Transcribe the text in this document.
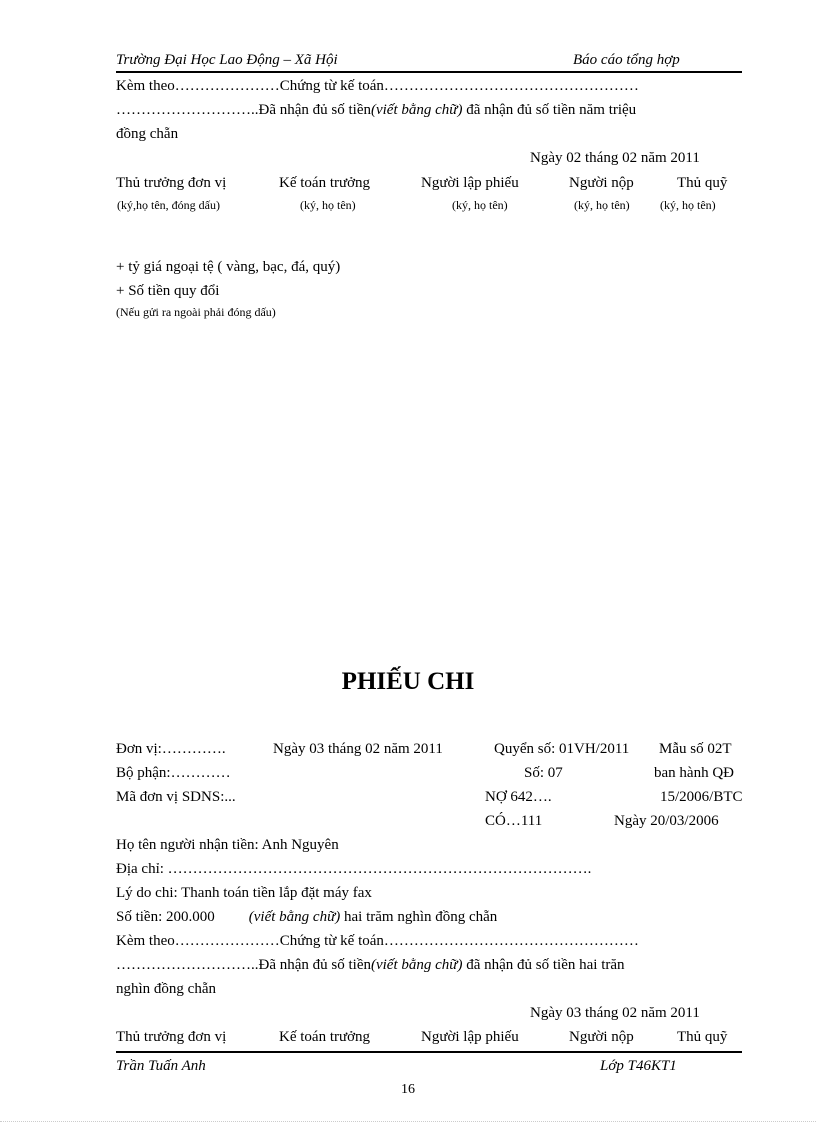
Trường Đại Học Lao Động – Xã Hội	Báo cáo tổng hợp
Kèm theo…………………Chứng từ kế toán……………………………………………
………………………..Đã nhận đủ số tiền(viết bằng chữ) đã nhận đủ số tiền năm triệu
đồng chẵn
Ngày 02 tháng 02 năm 2011
Thủ trưởng đơn vị	Kế toán trưởng	Người lập phiếu	Người nộp	Thủ quỹ
(ký,họ tên, đóng dấu)	(ký, họ tên)	(ký, họ tên)	(ký, họ tên)	(ký, họ tên)
+ tỷ giá ngoại tệ ( vàng, bạc, đá, quý)
+ Số tiền quy đổi
(Nếu gửi ra ngoài phải đóng dấu)
PHIẾU CHI
Đơn vị:………….	Ngày 03 tháng 02 năm 2011	Quyển số: 01VH/2011 Mẫu số 02T
Bộ phận:…………	Số: 07	ban hành QĐ
Mã đơn vị SDNS:...	NỢ 642….	15/2006/BTC
CÓ…111	Ngày 20/03/2006
Họ tên người nhận tiền: Anh Nguyên
Địa chỉ: ………………………………………………………………………….
Lý do chi: Thanh toán tiền lắp đặt máy fax
Số tiền: 200.000 (viết bằng chữ) hai trăm nghìn đồng chẵn
Kèm theo…………………Chứng từ kế toán……………………………………………
………………………..Đã nhận đủ số tiền(viết bằng chữ) đã nhận đủ số tiền hai trăn
nghìn đồng chẵn
Ngày 03 tháng 02 năm 2011
Thủ trưởng đơn vị	Kế toán trưởng	Người lập phiếu	Người nộp	Thủ quỹ
Trần Tuấn Anh	Lớp T46KT1
16
